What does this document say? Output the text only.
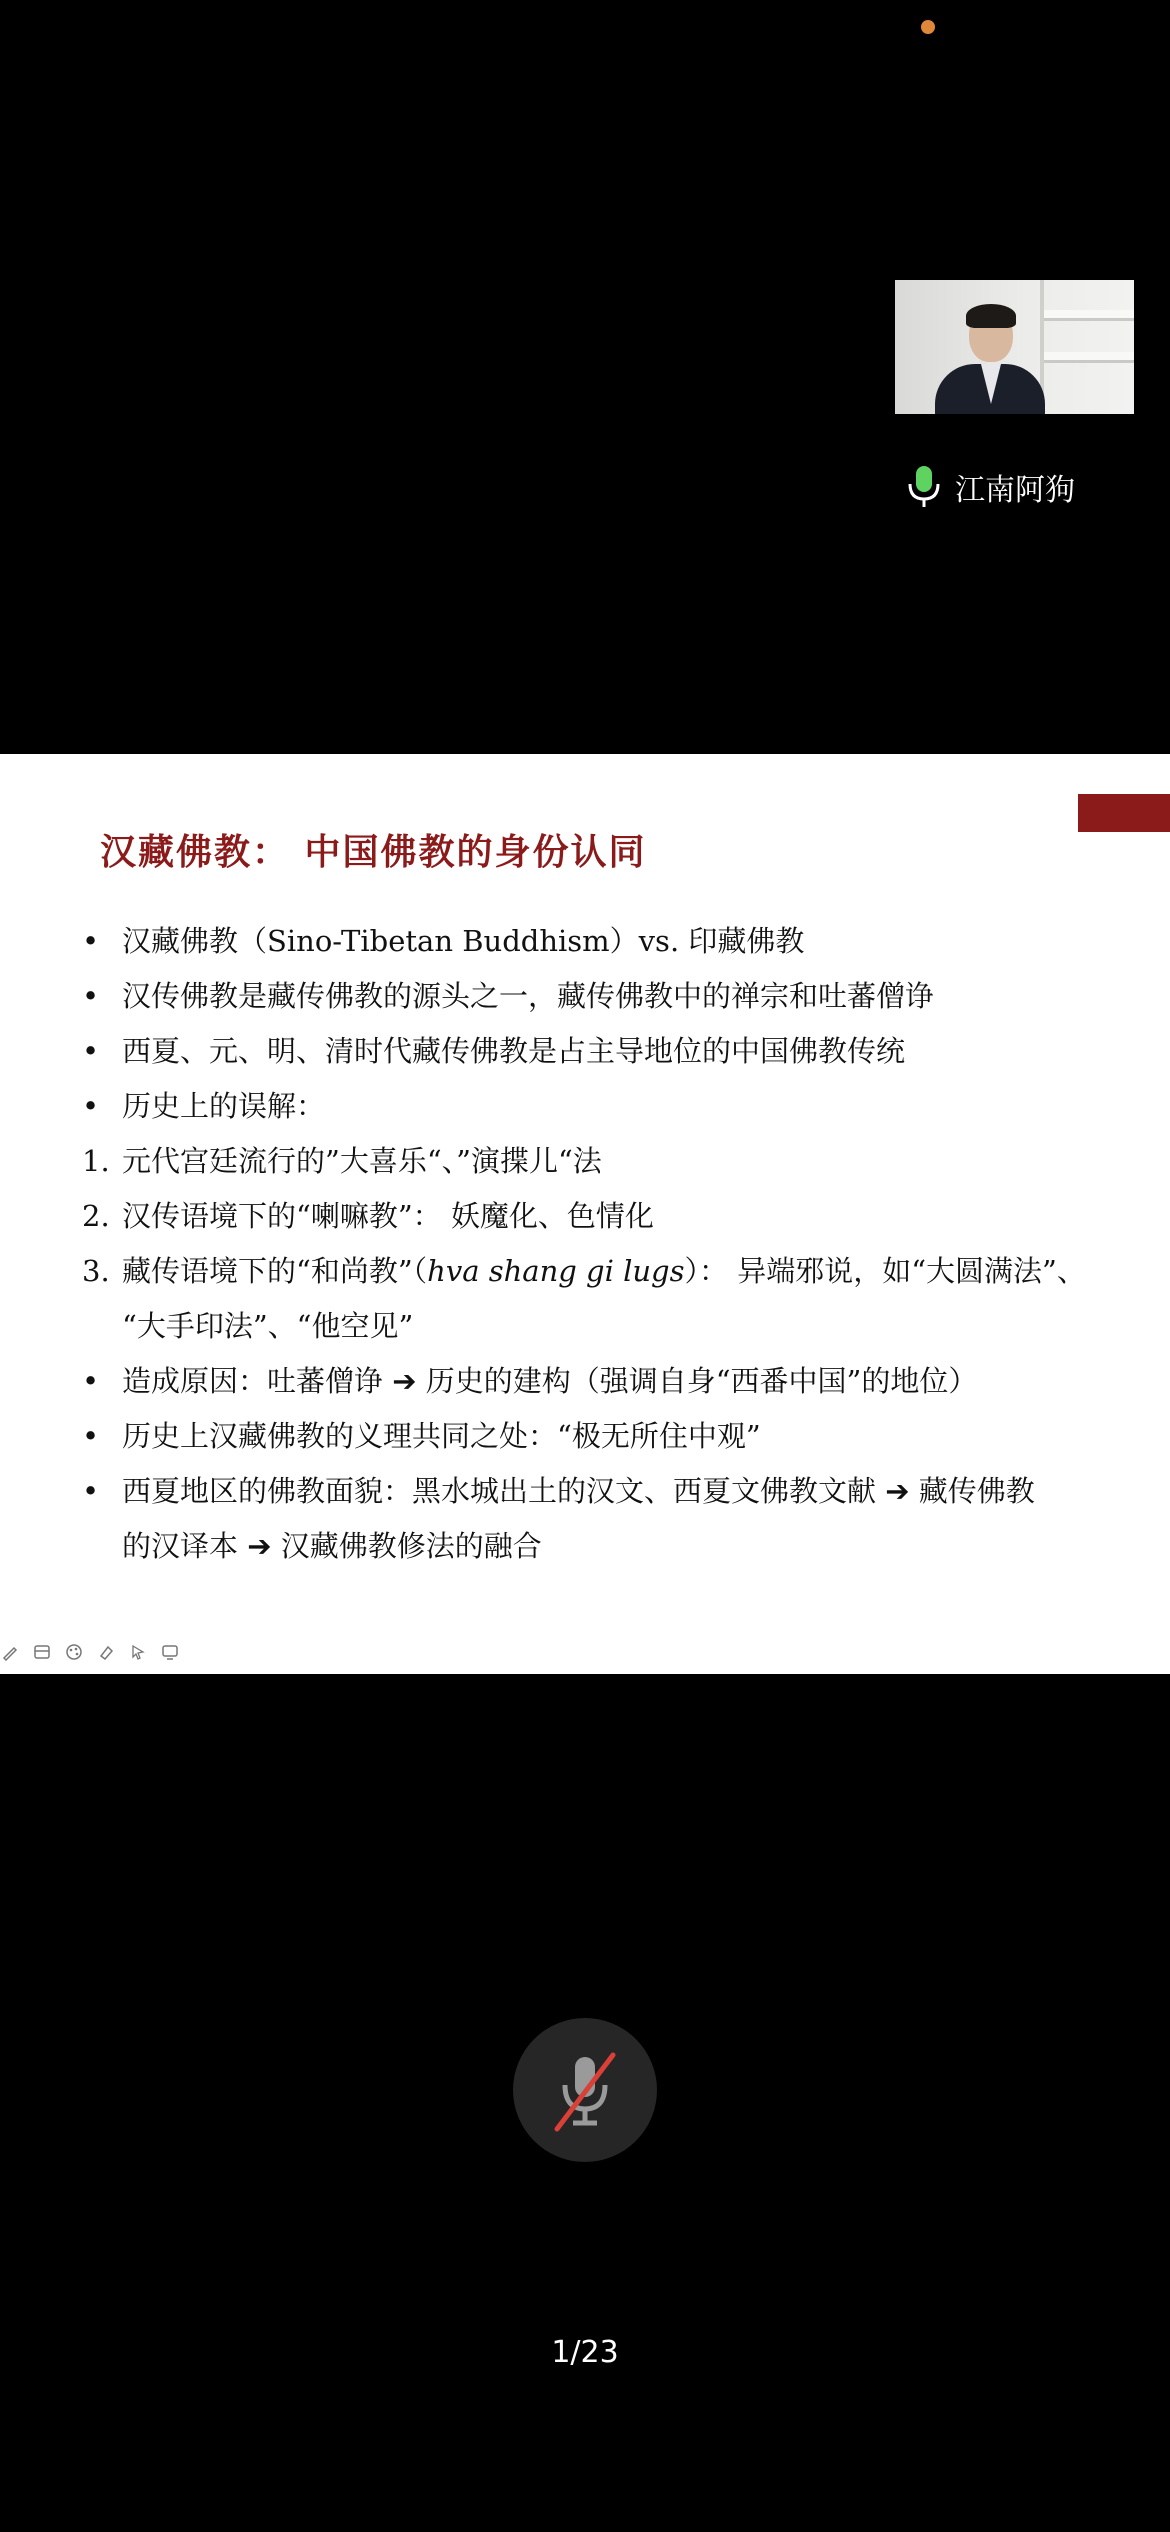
江南阿狗
汉藏佛教： 中国佛教的身份认同
• 汉藏佛教（Sino-Tibetan Buddhism）vs. 印藏佛教
• 汉传佛教是藏传佛教的源头之一，藏传佛教中的禅宗和吐蕃僧诤
• 西夏、元、明、清时代藏传佛教是占主导地位的中国佛教传统
• 历史上的误解：
1. 元代宫廷流行的”大喜乐“、”演揲儿“法
2. 汉传语境下的“喇嘛教”： 妖魔化、色情化
3. 藏传语境下的“和尚教”（hva shang gi lugs）： 异端邪说，如“大圆满法”、
“大手印法”、“他空见”
• 造成原因：吐蕃僧诤 ➔ 历史的建构（强调自身“西番中国”的地位）
• 历史上汉藏佛教的义理共同之处：“极无所住中观”
• 西夏地区的佛教面貌：黑水城出土的汉文、西夏文佛教文献 ➔ 藏传佛教
的汉译本 ➔ 汉藏佛教修法的融合
1/23
